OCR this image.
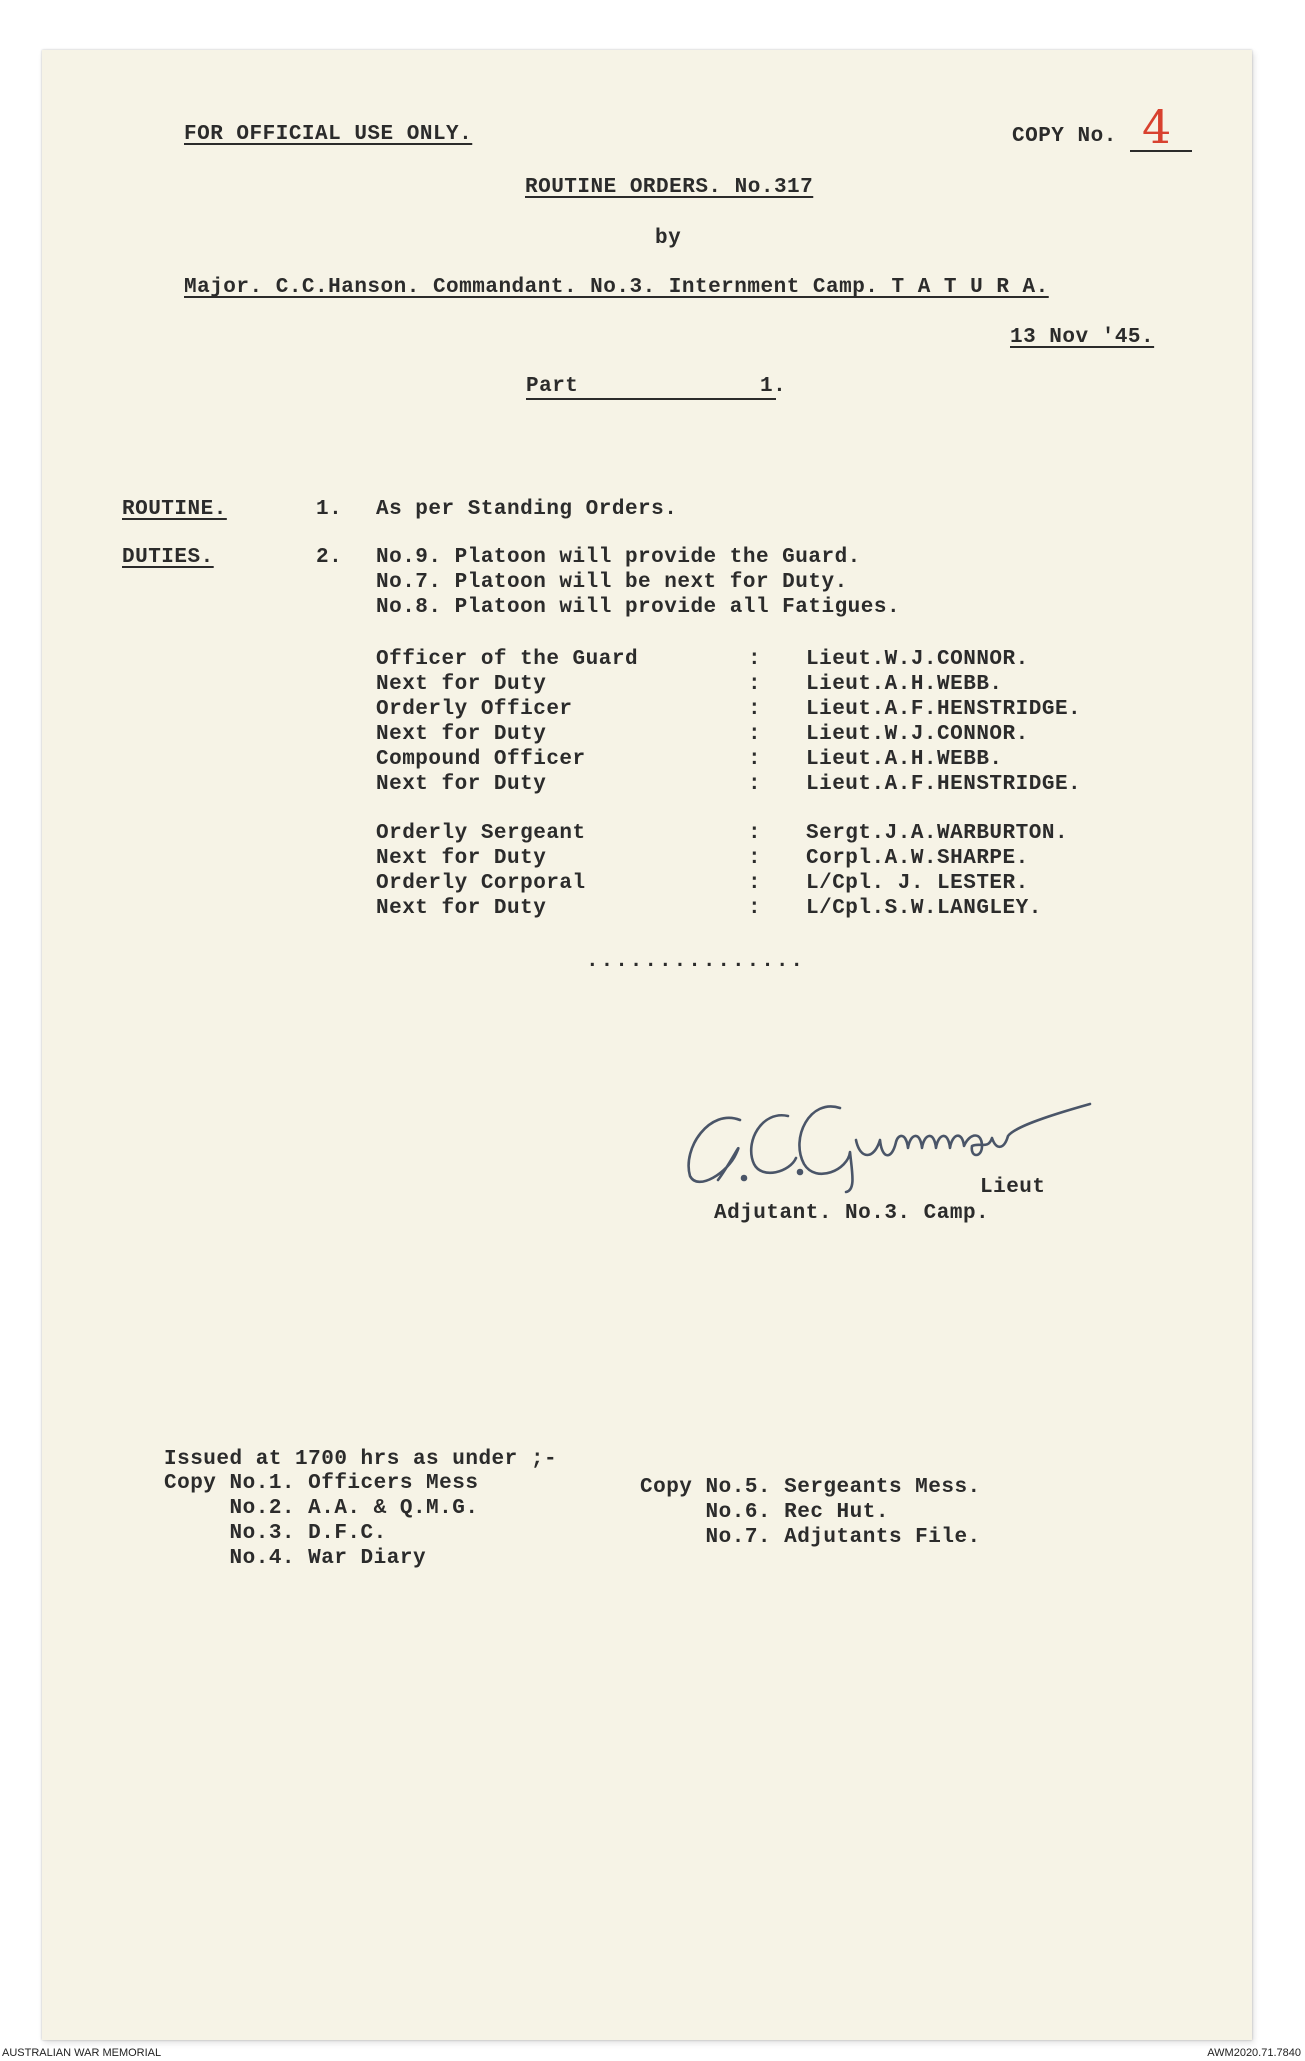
FOR OFFICIAL USE ONLY.	COPY No. 4
ROUTINE ORDERS. No.317
by
Major. C.C.Hanson. Commandant. No.3. Internment Camp. T A T U R A.
13 Nov '45.
Part	1.
ROUTINE.	1. As per Standing Orders.
DUTIES.	2. No.9. Platoon will provide the Guard.
No.7. Platoon will be next for Duty.
No.8. Platoon will provide all Fatigues.
Officer of the Guard	: Lieut.W.J.CONNOR.
Next for Duty	: Lieut.A.H.WEBB.
Orderly Officer	: Lieut.A.F.HENSTRIDGE.
Next for Duty	: Lieut.W.J.CONNOR.
Compound Officer	: Lieut.A.H.WEBB.
Next for Duty	: Lieut.A.F.HENSTRIDGE.
Orderly Sergeant	: Sergt.J.A.WARBURTON.
Next for Duty	: Corpl.A.W.SHARPE.
Orderly Corporal	: L/Cpl. J. LESTER.
Next for Duty	: L/Cpl.S.W.LANGLEY.
...............
Lieut
Adjutant. No.3. Camp.
Issued at 1700 hrs as under ;-
Copy No.1. Officers Mess
No.2. A.A. & Q.M.G.
No.3. D.F.C.
No.4. War Diary
Copy No.5. Sergeants Mess.
No.6. Rec Hut.
No.7. Adjutants File.
AUSTRALIAN WAR MEMORIAL	AWM2020.71.7840
